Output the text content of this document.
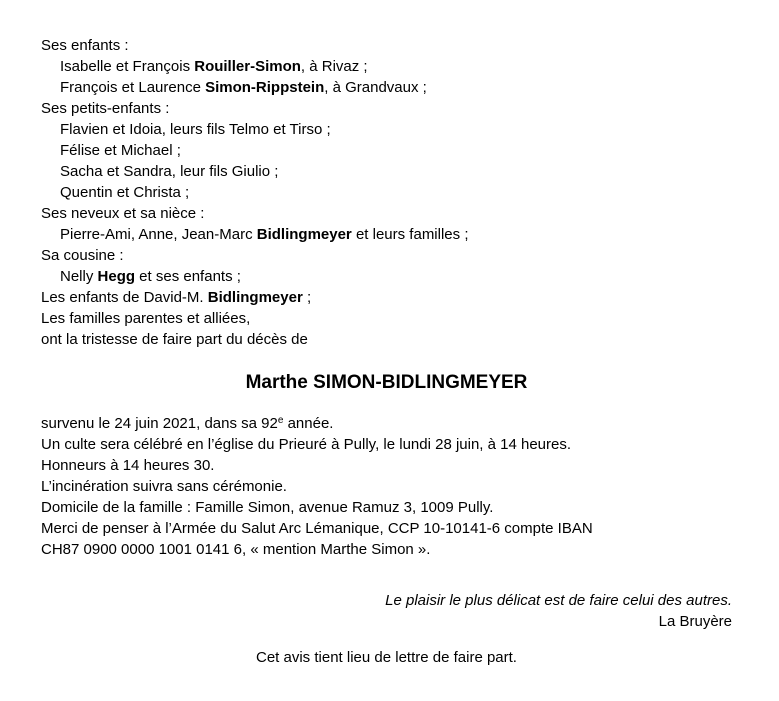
Ses enfants :
Isabelle et François Rouiller-Simon, à Rivaz ;
François et Laurence Simon-Rippstein, à Grandvaux ;
Ses petits-enfants :
Flavien et Idoia, leurs fils Telmo et Tirso ;
Félise et Michael ;
Sacha et Sandra, leur fils Giulio ;
Quentin et Christa ;
Ses neveux et sa nièce :
Pierre-Ami, Anne, Jean-Marc Bidlingmeyer et leurs familles ;
Sa cousine :
Nelly Hegg et ses enfants ;
Les enfants de David-M. Bidlingmeyer ;
Les familles parentes et alliées,
ont la tristesse de faire part du décès de
Marthe SIMON-BIDLINGMEYER
survenu le 24 juin 2021, dans sa 92e année.
Un culte sera célébré en l’église du Prieuré à Pully, le lundi 28 juin, à 14 heures.
Honneurs à 14 heures 30.
L’incinération suivra sans cérémonie.
Domicile de la famille : Famille Simon, avenue Ramuz 3, 1009 Pully.
Merci de penser à l’Armée du Salut Arc Lémanique, CCP 10-10141-6 compte IBAN
CH87 0900 0000 1001 0141 6, « mention Marthe Simon ».
Le plaisir le plus délicat est de faire celui des autres.
La Bruyère
Cet avis tient lieu de lettre de faire part.
